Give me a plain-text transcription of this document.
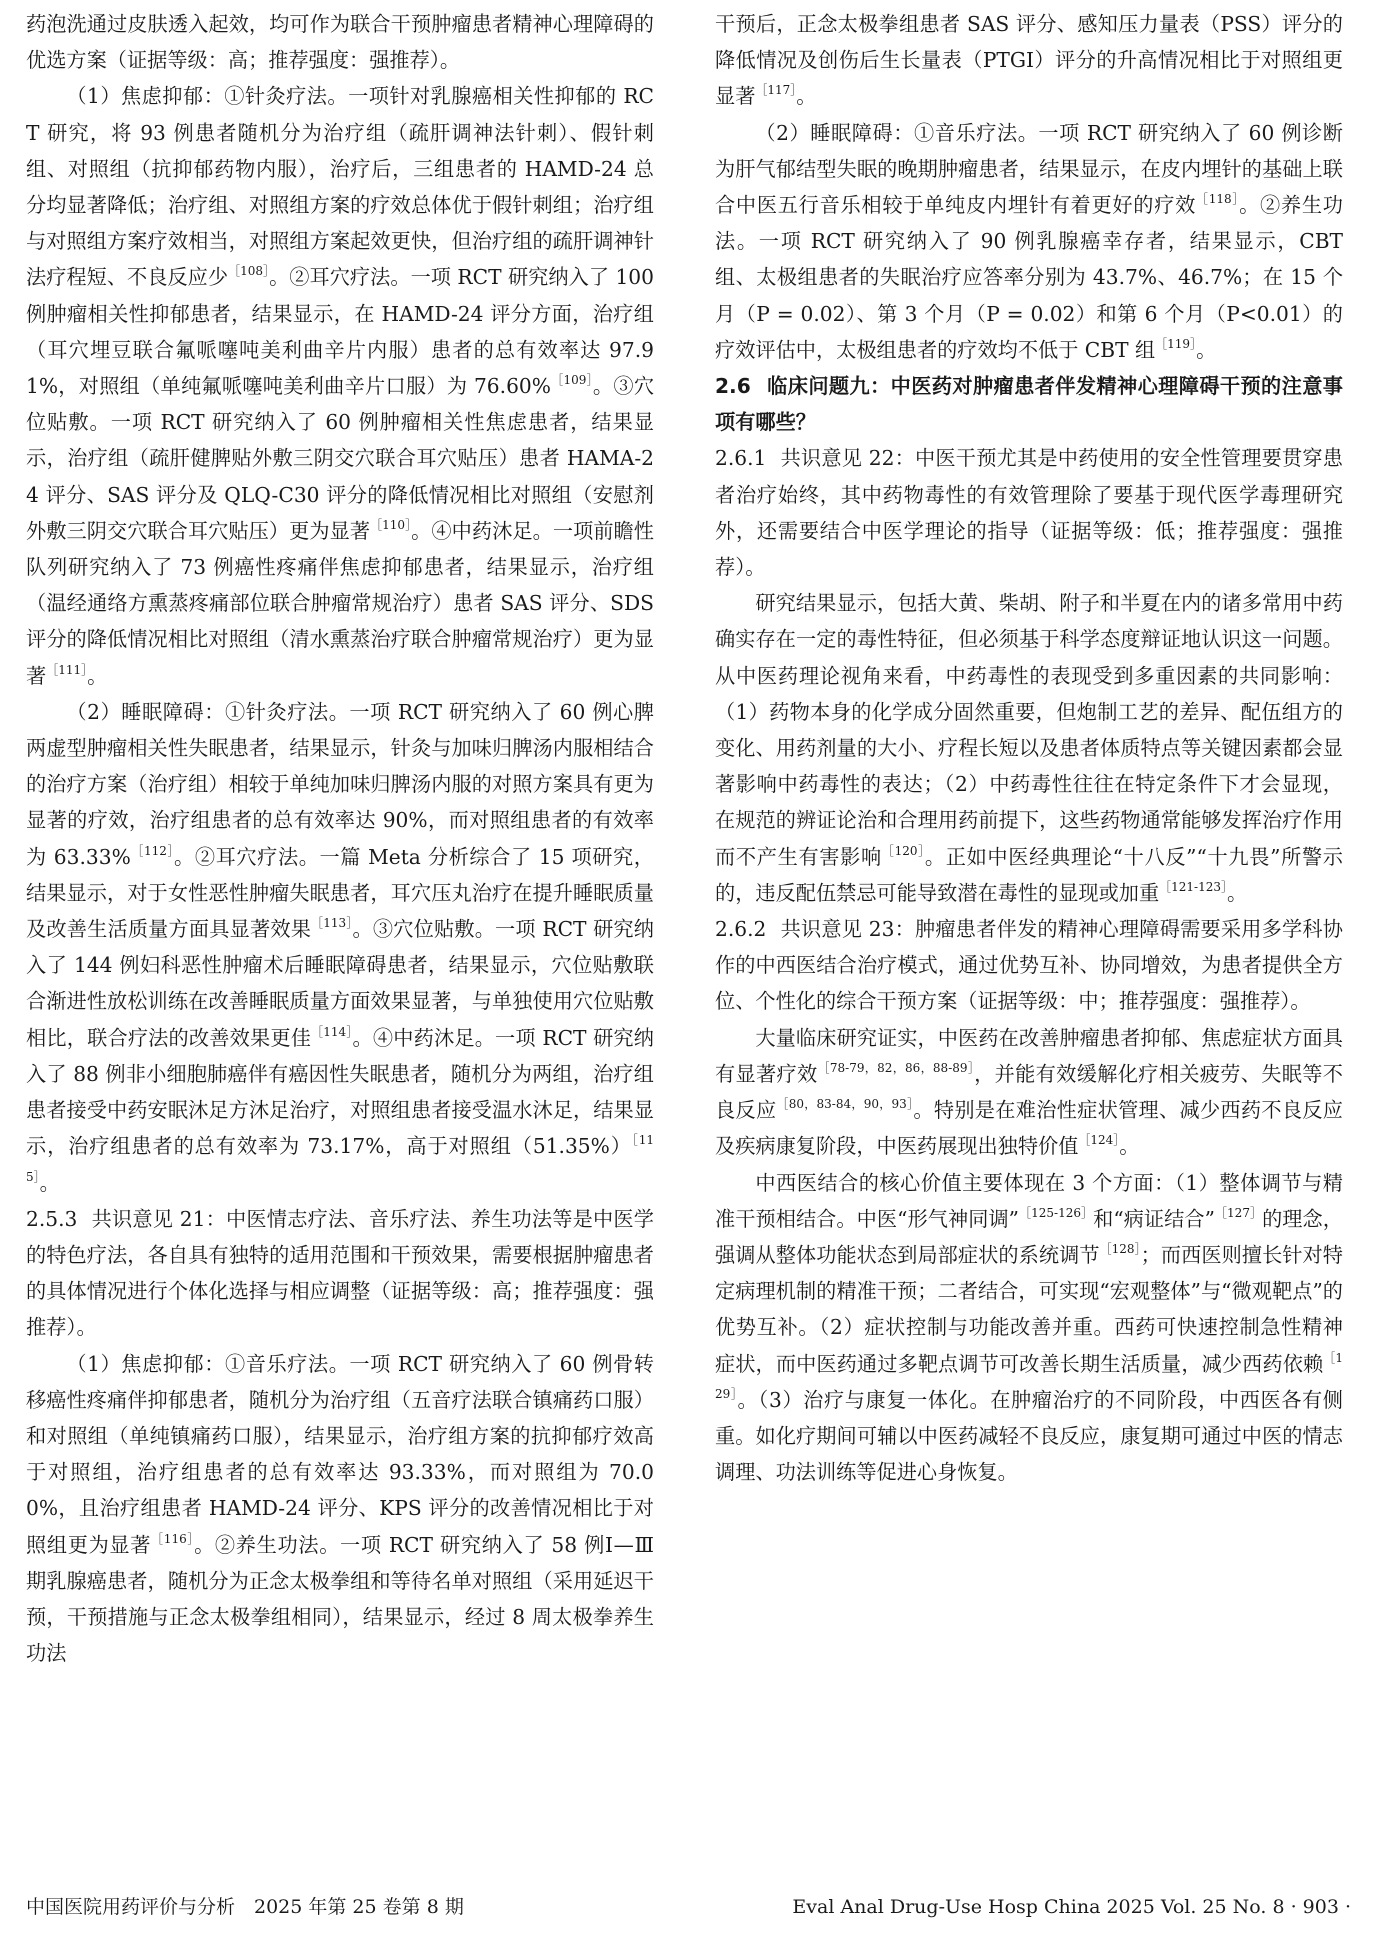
药泡洗通过皮肤透入起效，均可作为联合干预肿瘤患者精神心理障碍的优选方案（证据等级：高；推荐强度：强推荐）。

（1）焦虑抑郁：①针灸疗法。一项针对乳腺癌相关性抑郁的 RCT 研究，将 93 例患者随机分为治疗组（疏肝调神法针刺）、假针刺组、对照组（抗抑郁药物内服），治疗后，三组患者的 HAMD-24 总分均显著降低；治疗组、对照组方案的疗效总体优于假针刺组；治疗组与对照组方案疗效相当，对照组方案起效更快，但治疗组的疏肝调神针法疗程短、不良反应少$^{[108]}$。②耳穴疗法。一项 RCT 研究纳入了 100 例肿瘤相关性抑郁患者，结果显示，在 HAMD-24 评分方面，治疗组（耳穴埋豆联合氟哌噻吨美利曲辛片内服）患者的总有效率达 97.91%，对照组（单纯氟哌噻吨美利曲辛片口服）为 76.60%$^{[109]}$。③穴位贴敷。一项 RCT 研究纳入了 60 例肿瘤相关性焦虑患者，结果显示，治疗组（疏肝健脾贴外敷三阴交穴联合耳穴贴压）患者 HAMA-24 评分、SAS 评分及 QLQ-C30 评分的降低情况相比对照组（安慰剂外敷三阴交穴联合耳穴贴压）更为显著$^{[110]}$。④中药沐足。一项前瞻性队列研究纳入了 73 例癌性疼痛伴焦虑抑郁患者，结果显示，治疗组（温经通络方熏蒸疼痛部位联合肿瘤常规治疗）患者 SAS 评分、SDS 评分的降低情况相比对照组（清水熏蒸治疗联合肿瘤常规治疗）更为显著$^{[111]}$。

（2）睡眠障碍：①针灸疗法。一项 RCT 研究纳入了 60 例心脾两虚型肿瘤相关性失眠患者，结果显示，针灸与加味归脾汤内服相结合的治疗方案（治疗组）相较于单纯加味归脾汤内服的对照方案具有更为显著的疗效，治疗组患者的总有效率达 90%，而对照组患者的有效率为 63.33%$^{[112]}$。②耳穴疗法。一篇 Meta 分析综合了 15 项研究，结果显示，对于女性恶性肿瘤失眠患者，耳穴压丸治疗在提升睡眠质量及改善生活质量方面具显著效果$^{[113]}$。③穴位贴敷。一项 RCT 研究纳入了 144 例妇科恶性肿瘤术后睡眠障碍患者，结果显示，穴位贴敷联合渐进性放松训练在改善睡眠质量方面效果显著，与单独使用穴位贴敷相比，联合疗法的改善效果更佳$^{[114]}$。④中药沐足。一项 RCT 研究纳入了 88 例非小细胞肺癌伴有癌因性失眠患者，随机分为两组，治疗组患者接受中药安眠沐足方沐足治疗，对照组患者接受温水沐足，结果显示，治疗组患者的总有效率为 73.17%，高于对照组$(51.35\%)^{[115]}$。

2.5.3 共识意见 21：中医情志疗法、音乐疗法、养生功法等是中医学的特色疗法，各自具有独特的适用范围和干预效果，需要根据肿瘤患者的具体情况进行个体化选择与相应调整（证据等级：高；推荐强度：强推荐）。

（1）焦虑抑郁：①音乐疗法。一项 RCT 研究纳入了 60 例骨转移癌性疼痛伴抑郁患者，随机分为治疗组（五音疗法联合镇痛药口服）和对照组（单纯镇痛药口服），结果显示，治疗组方案的抗抑郁疗效高于对照组，治疗组患者的总有效率达 93.33%，而对照组为 70.00%，且治疗组患者 HAMD-24 评分、KPS 评分的改善情况相比于对照组更为显著$^{[116]}$。②养生功法。一项 RCT 研究纳入了 58 例Ⅰ—Ⅲ期乳腺癌患者，随机分为正念太极拳组和等待名单对照组（采用延迟干预，干预措施与正念太极拳组相同），结果显示，经过 8 周太极拳养生功法

干预后，正念太极拳组患者 SAS 评分、感知压力量表（PSS）评分的降低情况及创伤后生长量表（PTGI）评分的升高情况相比于对照组更显著$^{[117]}$。

（2）睡眠障碍：①音乐疗法。一项 RCT 研究纳入了 60 例诊断为肝气郁结型失眠的晚期肿瘤患者，结果显示，在皮内埋针的基础上联合中医五行音乐相较于单纯皮内埋针有着更好的疗效$^{[118]}$。②养生功法。一项 RCT 研究纳入了 90 例乳腺癌幸存者，结果显示，CBT 组、太极组患者的失眠治疗应答率分别为 43.7%、46.7%；在 15 个月（P = 0.02）、第 3 个月（P = 0.02）和第 6 个月（P<0.01）的疗效评估中，太极组患者的疗效均不低于 CBT 组$^{[119]}$。

2.6 临床问题九：中医药对肿瘤患者伴发精神心理障碍干预的注意事项有哪些？

2.6.1 共识意见 22：中医干预尤其是中药使用的安全性管理要贯穿患者治疗始终，其中药物毒性的有效管理除了要基于现代医学毒理研究外，还需要结合中医学理论的指导（证据等级：低；推荐强度：强推荐）。

研究结果显示，包括大黄、柴胡、附子和半夏在内的诸多常用中药确实存在一定的毒性特征，但必须基于科学态度辩证地认识这一问题。从中医药理论视角来看，中药毒性的表现受到多重因素的共同影响：（1）药物本身的化学成分固然重要，但炮制工艺的差异、配伍组方的变化、用药剂量的大小、疗程长短以及患者体质特点等关键因素都会显著影响中药毒性的表达；（2）中药毒性往往在特定条件下才会显现，在规范的辨证论治和合理用药前提下，这些药物通常能够发挥治疗作用而不产生有害影响$^{[120]}$。正如中医经典理论“十八反”“十九畏”所警示的，违反配伍禁忌可能导致潜在毒性的显现或加重$^{[121-123]}$。

2.6.2 共识意见 23：肿瘤患者伴发的精神心理障碍需要采用多学科协作的中西医结合治疗模式，通过优势互补、协同增效，为患者提供全方位、个性化的综合干预方案（证据等级：中；推荐强度：强推荐）。

大量临床研究证实，中医药在改善肿瘤患者抑郁、焦虑症状方面具有显著疗效$^{[78-79,82,86,88-89]}$，并能有效缓解化疗相关疲劳、失眠等不良反应$^{[80,83-84,90,93]}$。特别是在难治性症状管理、减少西药不良反应及疾病康复阶段，中医药展现出独特价值$^{[124]}$。

中西医结合的核心价值主要体现在 3 个方面：（1）整体调节与精准干预相结合。中医“形气神同调”$^{[125-126]}$和“病证结合”$^{[127]}$的理念，强调从整体功能状态到局部症状的系统调节$^{[128]}$；而西医则擅长针对特定病理机制的精准干预；二者结合，可实现“宏观整体”与“微观靶点”的优势互补。（2）症状控制与功能改善并重。西药可快速控制急性精神症状，而中医药通过多靶点调节可改善长期生活质量，减少西药依赖$^{[129]}$。（3）治疗与康复一体化。在肿瘤治疗的不同阶段，中西医各有侧重。如化疗期间可辅以中医药减轻不良反应，康复期可通过中医的情志调理、功法训练等促进心身恢复。

中国医院用药评价与分析　2025 年第 25 卷第 8 期	Eval Anal Drug-Use Hosp China 2025 Vol. 25 No. 8 · 903 ·
